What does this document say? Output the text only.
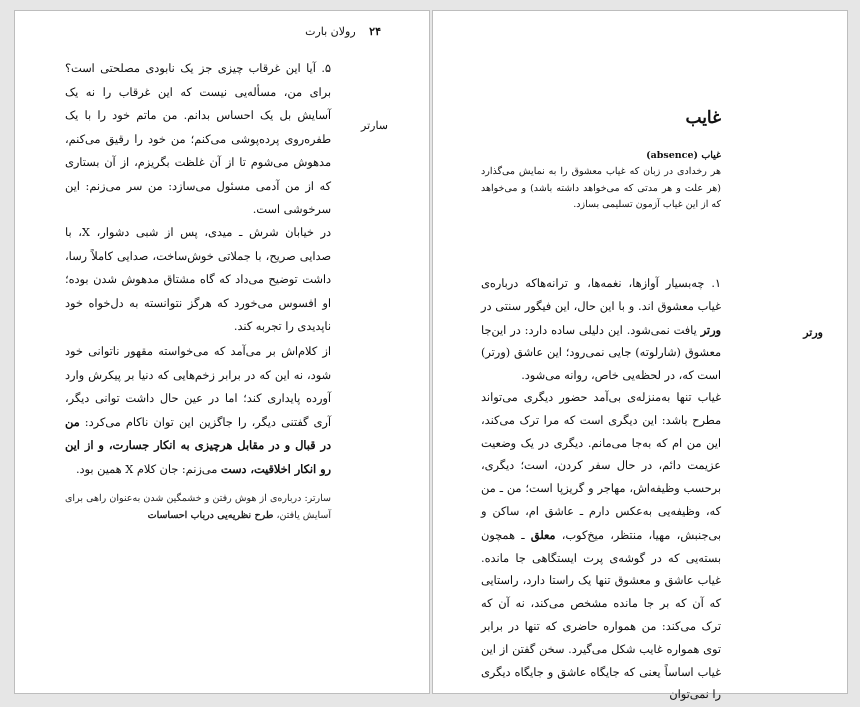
۲۴ رولان بارت
سارتر

۵. آیا این غرقاب چیزی جز یک نابودی مصلحتی است؟ برای من، مسأله‌یی نیست که این غرقاب را نه یک آسایش بل یک احساس بدانم. من ماتم خود را با یک طفره‌روی پرده‌پوشی می‌کنم؛ من خود را رقیق می‌کنم، مدهوش می‌شوم تا از آن غلظت بگریزم، از آن بستاری که از من آدمی مسئول می‌سازد: من سر می‌زنم: این سرخوشی است.

در خیابان شرش ـ میدی، پس از شبی دشوار، X، با صدایی صریح، با جملاتی خوش‌ساخت، صدایی کاملاً رسا، داشت توضیح می‌داد که گاه مشتاق مدهوش شدن بوده؛ او افسوس می‌خورد که هرگز نتوانسته به دل‌خواه خود ناپدیدی را تجربه کند.

از کلام‌اش بر می‌آمد که می‌خواسته مقهور ناتوانی خود شود، نه این که در برابر زخم‌هایی که دنیا بر پیکرش وارد آورده پایداری کند؛ اما در عین حال داشت توانی دیگر، آری گفتنی دیگر، را جاگزین این توان ناکام می‌کرد: من در قبال و در مقابل هرچیزی به انکار جسارت، و از این رو انکار اخلاقیت، دست می‌زنم: جان کلام X همین بود.

سارتر: درباره‌ی از هوش رفتن و خشمگین شدن به‌عنوان راهی برای آسایش یافتن، طرح نظریه‌یی درباب احساسات

غایب

غیاب (absence)
هر رخدادی در زبان که غیاب معشوق را به نمایش می‌گذارد (هر علت و هر مدتی که می‌خواهد داشته باشد) و می‌خواهد که از این غیاب آزمون تسلیمی بسازد.

ورتر

۱. چه‌بسیار آوازها، نغمه‌ها، و ترانه‌هاکه درباره‌ی غیاب معشوق اند. و با این حال، این فیگور سنتی در ورتر یافت نمی‌شود. این دلیلی ساده دارد: در این‌جا معشوق (شارلوته) جایی نمی‌رود؛ این عاشق (ورتر) است که، در لحظه‌یی خاص، روانه می‌شود.

غیاب تنها به‌منزله‌ی بی‌آمد حضور دیگری می‌تواند مطرح باشد: این دیگری است که مرا ترک می‌کند، این من ام که به‌جا می‌مانم. دیگری در یک وضعیت عزیمت دائم، در حال سفر کردن، است؛ دیگری، برحسب وظیفه‌اش، مهاجر و گریزپا است؛ من ـ من که، وظیفه‌یی به‌عکس دارم ـ عاشق ام، ساکن و بی‌جنبش، مهیا، منتظر، میخ‌کوب، معلق ـ همچون بسته‌یی که در گوشه‌ی پرت ایستگاهی جا مانده. غیاب عاشق و معشوق تنها یک راستا دارد، راستایی که آن که بر جا مانده مشخص می‌کند، نه آن که ترک می‌کند: من همواره حاضری که تنها در برابر توی همواره غایب شکل می‌گیرد. سخن گفتن از این غیاب اساساً یعنی که جایگاه عاشق و جایگاه دیگری را نمی‌توان
